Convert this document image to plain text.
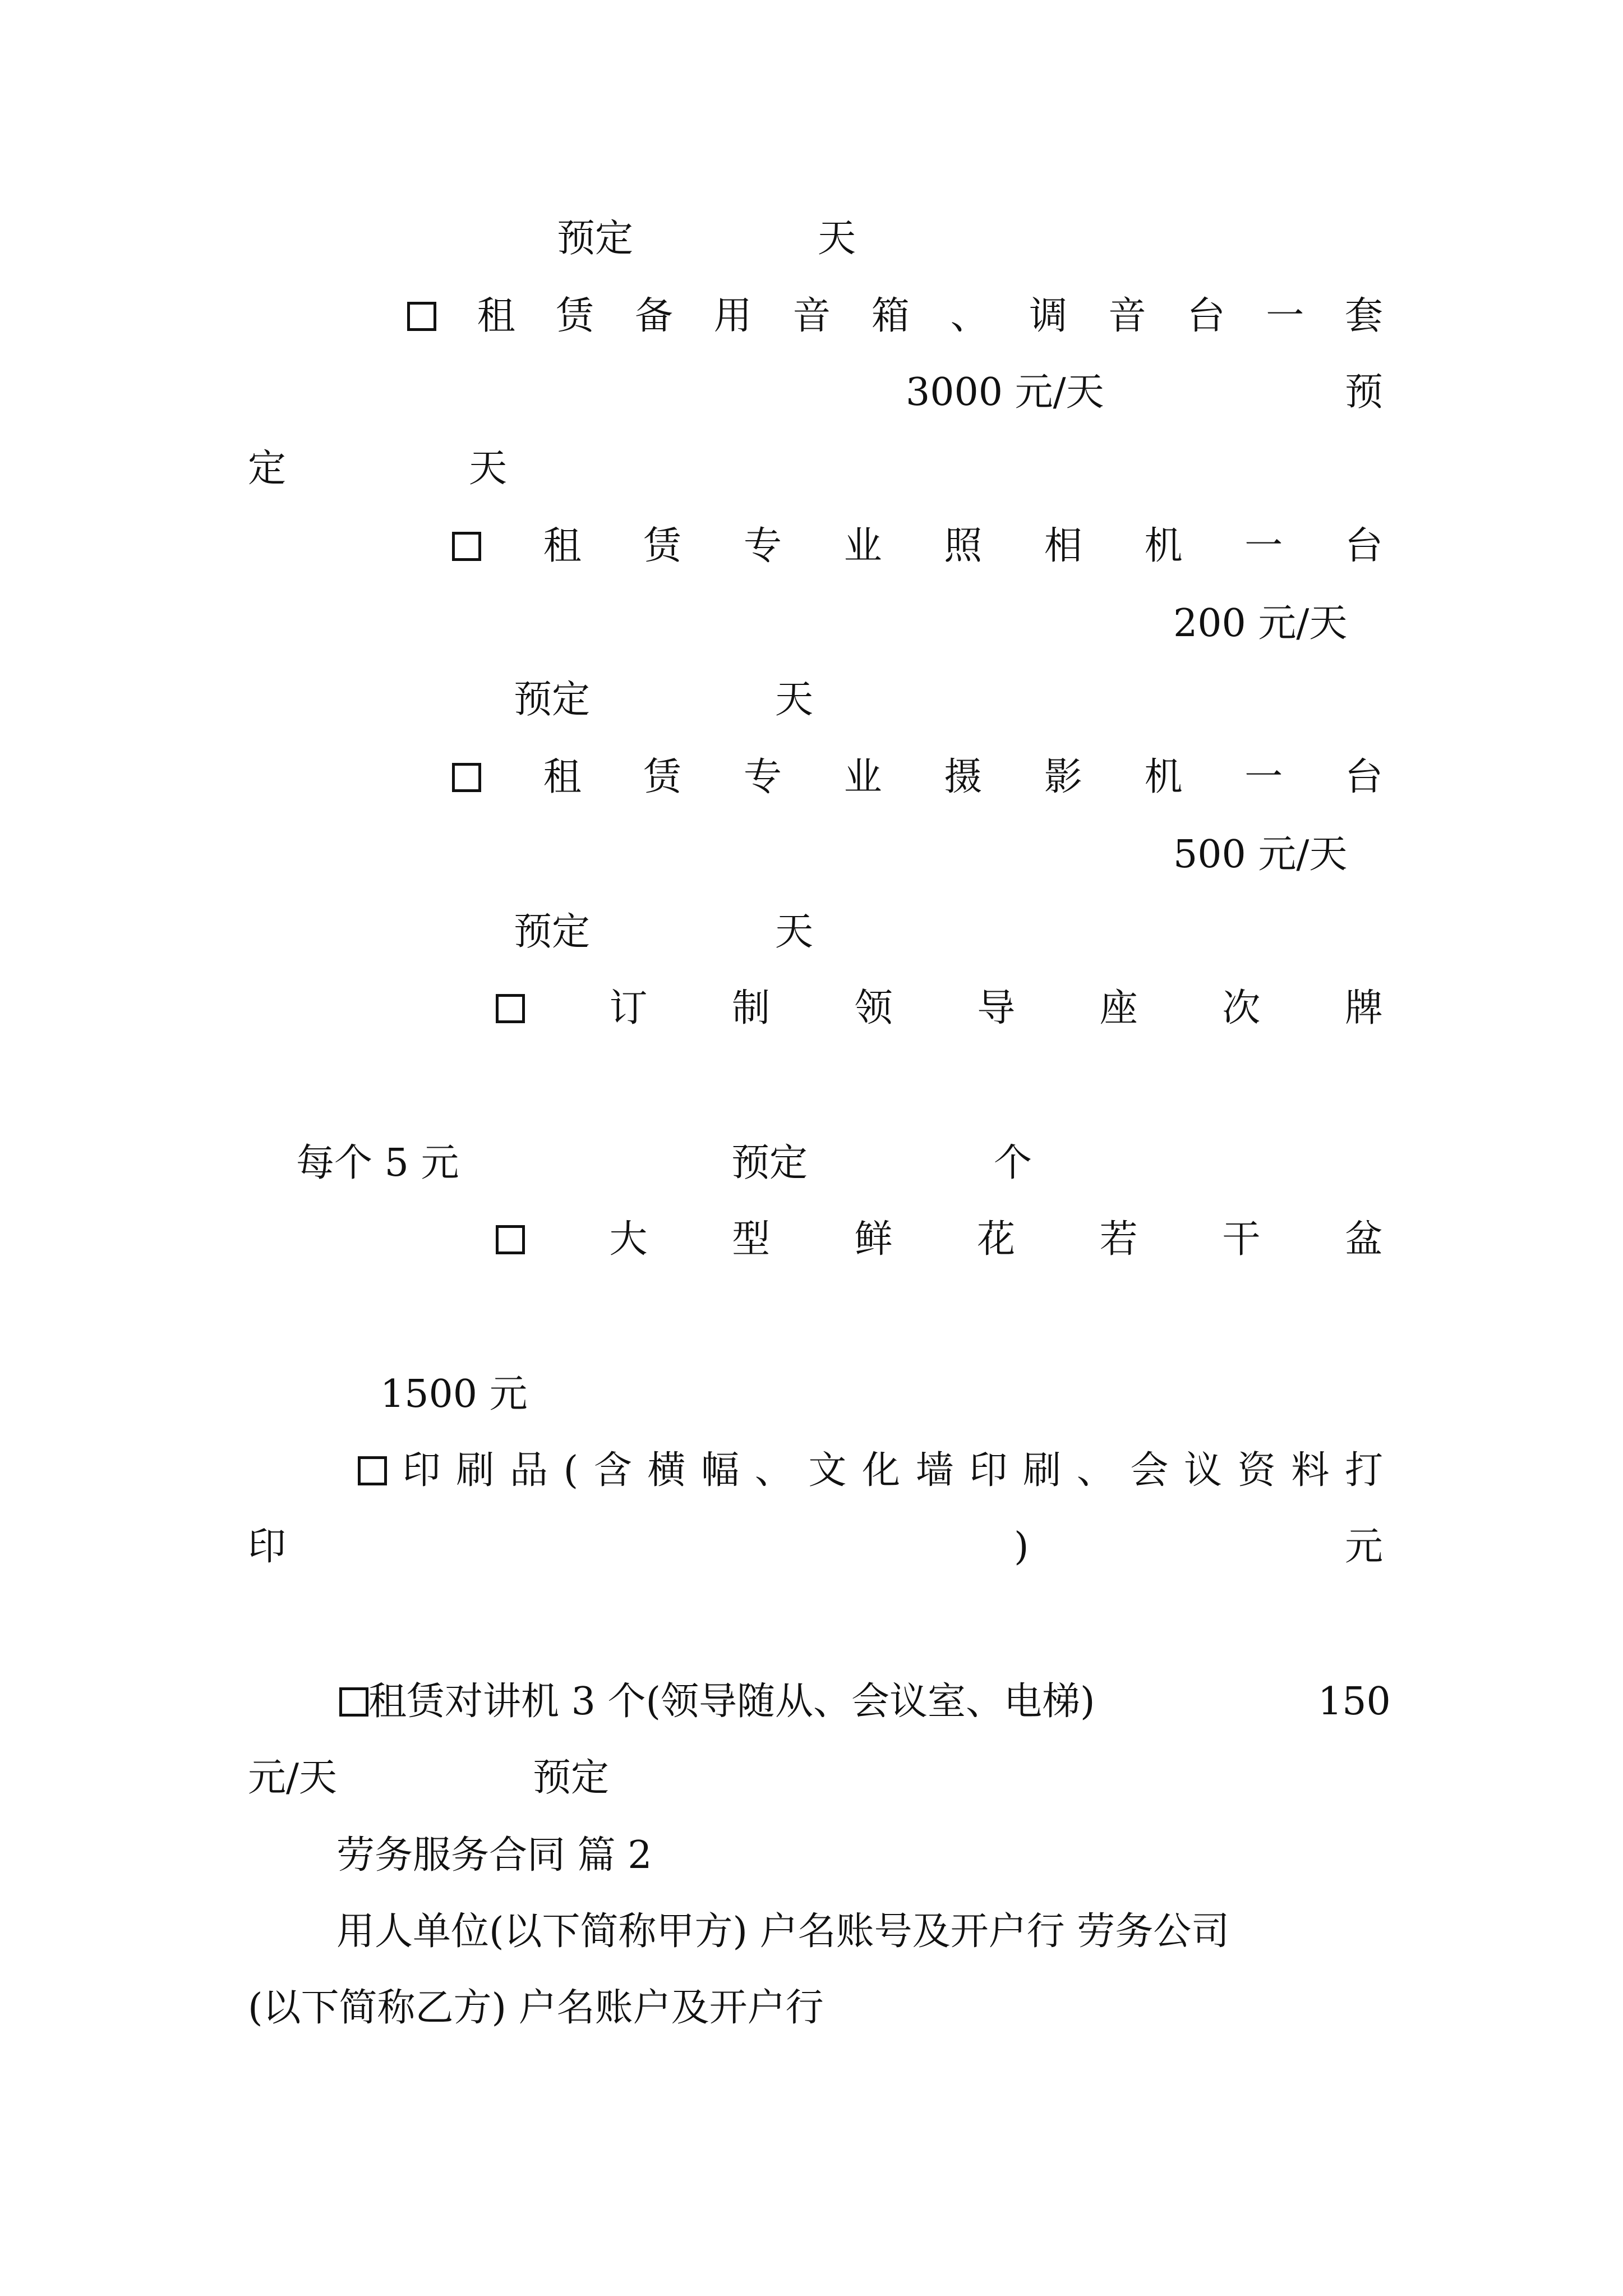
预定	天
租 赁 备 用 音 箱 、 调 音 台 一 套
3000 元/天	预
定	天
租 赁 专 业 照 相 机 一 台
200 元/天
预定	天
租 赁 专 业 摄 影 机 一 台
500 元/天
预定	天
订 制 领 导 座 次 牌
每个 5 元	预定	个
大 型 鲜 花 若 干 盆
1500 元
印 刷 品 ( 含 横 幅 、 文 化 墙 印 刷 、 会 议 资 料 打
印	)	元
租赁对讲机 3 个(领导随从、会议室、电梯)	150
元/天	预定
劳务服务合同 篇 2
用人单位(以下简称甲方) 户名账号及开户行 劳务公司
(以下简称乙方) 户名账户及开户行
